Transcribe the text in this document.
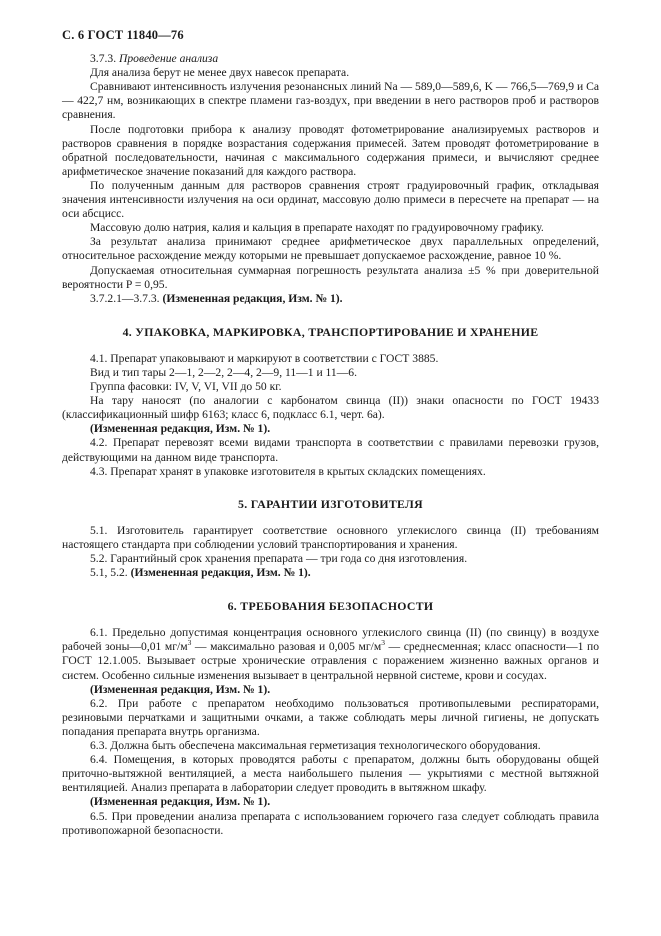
С. 6 ГОСТ 11840—76

3.7.3. Проведение анализа

Для анализа берут не менее двух навесок препарата.

Сравнивают интенсивность излучения резонансных линий Na — 589,0—589,6, K — 766,5—769,9 и Ca — 422,7 нм, возникающих в спектре пламени газ-воздух, при введении в него растворов проб и растворов сравнения.

После подготовки прибора к анализу проводят фотометрирование анализируемых растворов и растворов сравнения в порядке возрастания содержания примесей. Затем проводят фотометрирование в обратной последовательности, начиная с максимального содержания примеси, и вычисляют среднее арифметическое значение показаний для каждого раствора.

По полученным данным для растворов сравнения строят градуировочный график, откладывая значения интенсивности излучения на оси ординат, массовую долю примеси в пересчете на препарат — на оси абсцисс.

Массовую долю натрия, калия и кальция в препарате находят по градуировочному графику.

За результат анализа принимают среднее арифметическое двух параллельных определений, относительное расхождение между которыми не превышает допускаемое расхождение, равное 10 %.

Допускаемая относительная суммарная погрешность результата анализа ±5 % при доверительной вероятности P = 0,95.

3.7.2.1—3.7.3. (Измененная редакция, Изм. № 1).

4. УПАКОВКА, МАРКИРОВКА, ТРАНСПОРТИРОВАНИЕ И ХРАНЕНИЕ

4.1. Препарат упаковывают и маркируют в соответствии с ГОСТ 3885.

Вид и тип тары 2—1, 2—2, 2—4, 2—9, 11—1 и 11—6.

Группа фасовки: IV, V, VI, VII до 50 кг.

На тару наносят (по аналогии с карбонатом свинца (II)) знаки опасности по ГОСТ 19433 (классификационный шифр 6163; класс 6, подкласс 6.1, черт. 6а).

(Измененная редакция, Изм. № 1).

4.2. Препарат перевозят всеми видами транспорта в соответствии с правилами перевозки грузов, действующими на данном виде транспорта.

4.3. Препарат хранят в упаковке изготовителя в крытых складских помещениях.

5. ГАРАНТИИ ИЗГОТОВИТЕЛЯ

5.1. Изготовитель гарантирует соответствие основного углекислого свинца (II) требованиям настоящего стандарта при соблюдении условий транспортирования и хранения.

5.2. Гарантийный срок хранения препарата — три года со дня изготовления.

5.1, 5.2. (Измененная редакция, Изм. № 1).

6. ТРЕБОВАНИЯ БЕЗОПАСНОСТИ

6.1. Предельно допустимая концентрация основного углекислого свинца (II) (по свинцу) в воздухе рабочей зоны—0,01 $мг/м^3$ — максимально разовая и 0,005 $мг/м^3$ — среднесменная; класс опасности—1 по ГОСТ 12.1.005. Вызывает острые хронические отравления с поражением жизненно важных органов и систем. Особенно сильные изменения вызывает в центральной нервной системе, крови и сосудах.

(Измененная редакция, Изм. № 1).

6.2. При работе с препаратом необходимо пользоваться противопылевыми респираторами, резиновыми перчатками и защитными очками, а также соблюдать меры личной гигиены, не допускать попадания препарата внутрь организма.

6.3. Должна быть обеспечена максимальная герметизация технологического оборудования.

6.4. Помещения, в которых проводятся работы с препаратом, должны быть оборудованы общей приточно-вытяжной вентиляцией, а места наибольшего пыления — укрытиями с местной вытяжной вентиляцией. Анализ препарата в лаборатории следует проводить в вытяжном шкафу.

(Измененная редакция, Изм. № 1).

6.5. При проведении анализа препарата с использованием горючего газа следует соблюдать правила противопожарной безопасности.
